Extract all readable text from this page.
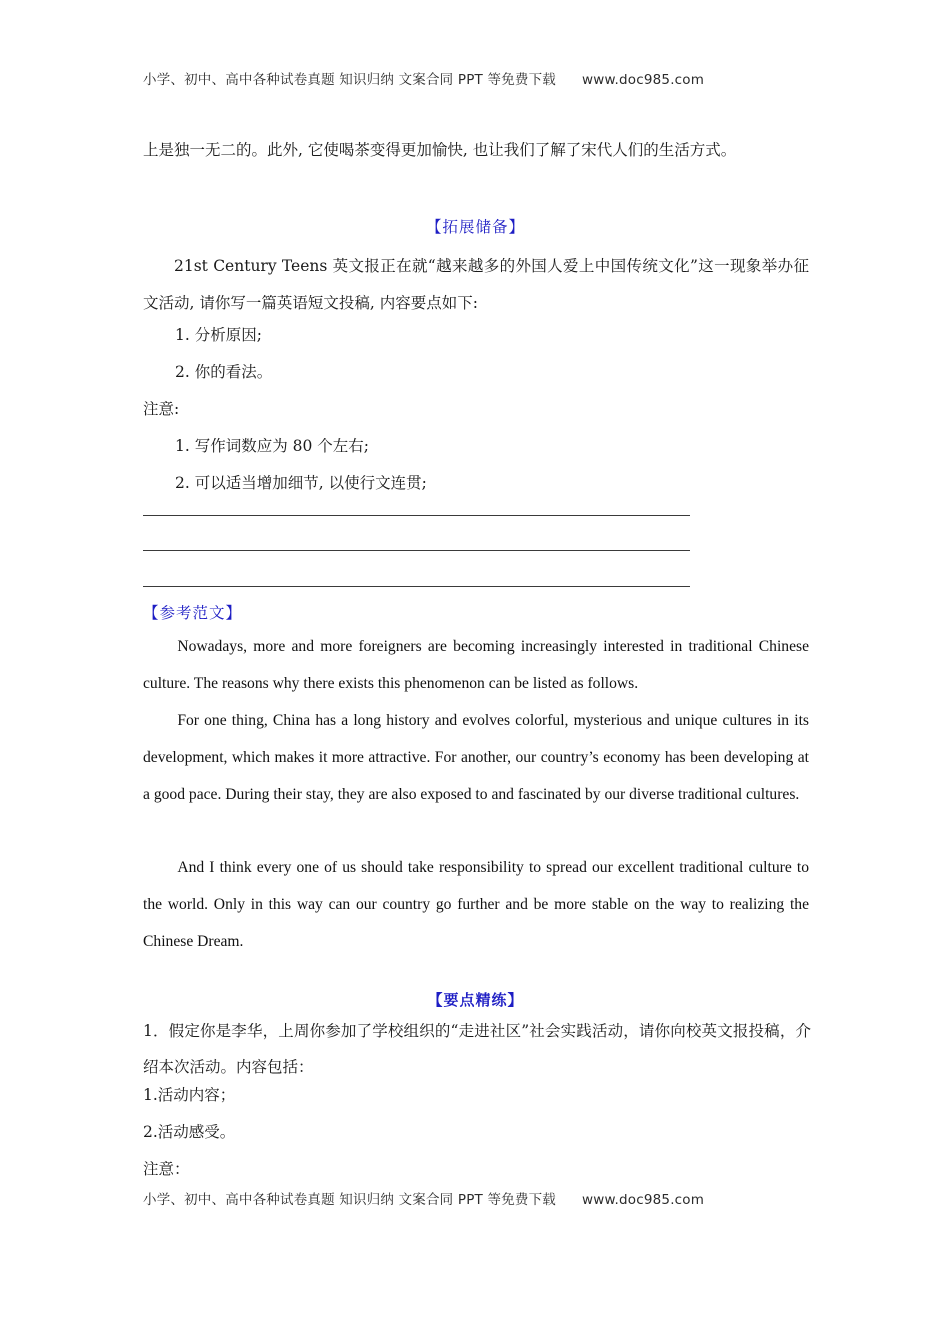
小学、初中、高中各种试卷真题 知识归纳 文案合同 PPT 等免费下载 www.doc985.com
上是独一无二的。此外, 它使喝茶变得更加愉快, 也让我们了解了宋代人们的生活方式。
【拓展储备】
21st Century Teens 英文报正在就“越来越多的外国人爱上中国传统文化”这一现象举办征文活动, 请你写一篇英语短文投稿, 内容要点如下:
1. 分析原因;
2. 你的看法。
注意:
1. 写作词数应为 80 个左右;
2. 可以适当增加细节, 以使行文连贯;
【参考范文】
Nowadays, more and more foreigners are becoming increasingly interested in traditional Chinese culture. The reasons why there exists this phenomenon can be listed as follows.
For one thing, China has a long history and evolves colorful, mysterious and unique cultures in its development, which makes it more attractive. For another, our country’s economy has been developing at a good pace. During their stay, they are also exposed to and fascinated by our diverse traditional cultures.
And I think every one of us should take responsibility to spread our excellent traditional culture to the world. Only in this way can our country go further and be more stable on the way to realizing the Chinese Dream.
【要点精练】
1．假定你是李华，上周你参加了学校组织的“走进社区”社会实践活动，请你向校英文报投稿，介绍本次活动。内容包括：
1.活动内容；
2.活动感受。
注意：
小学、初中、高中各种试卷真题 知识归纳 文案合同 PPT 等免费下载 www.doc985.com
